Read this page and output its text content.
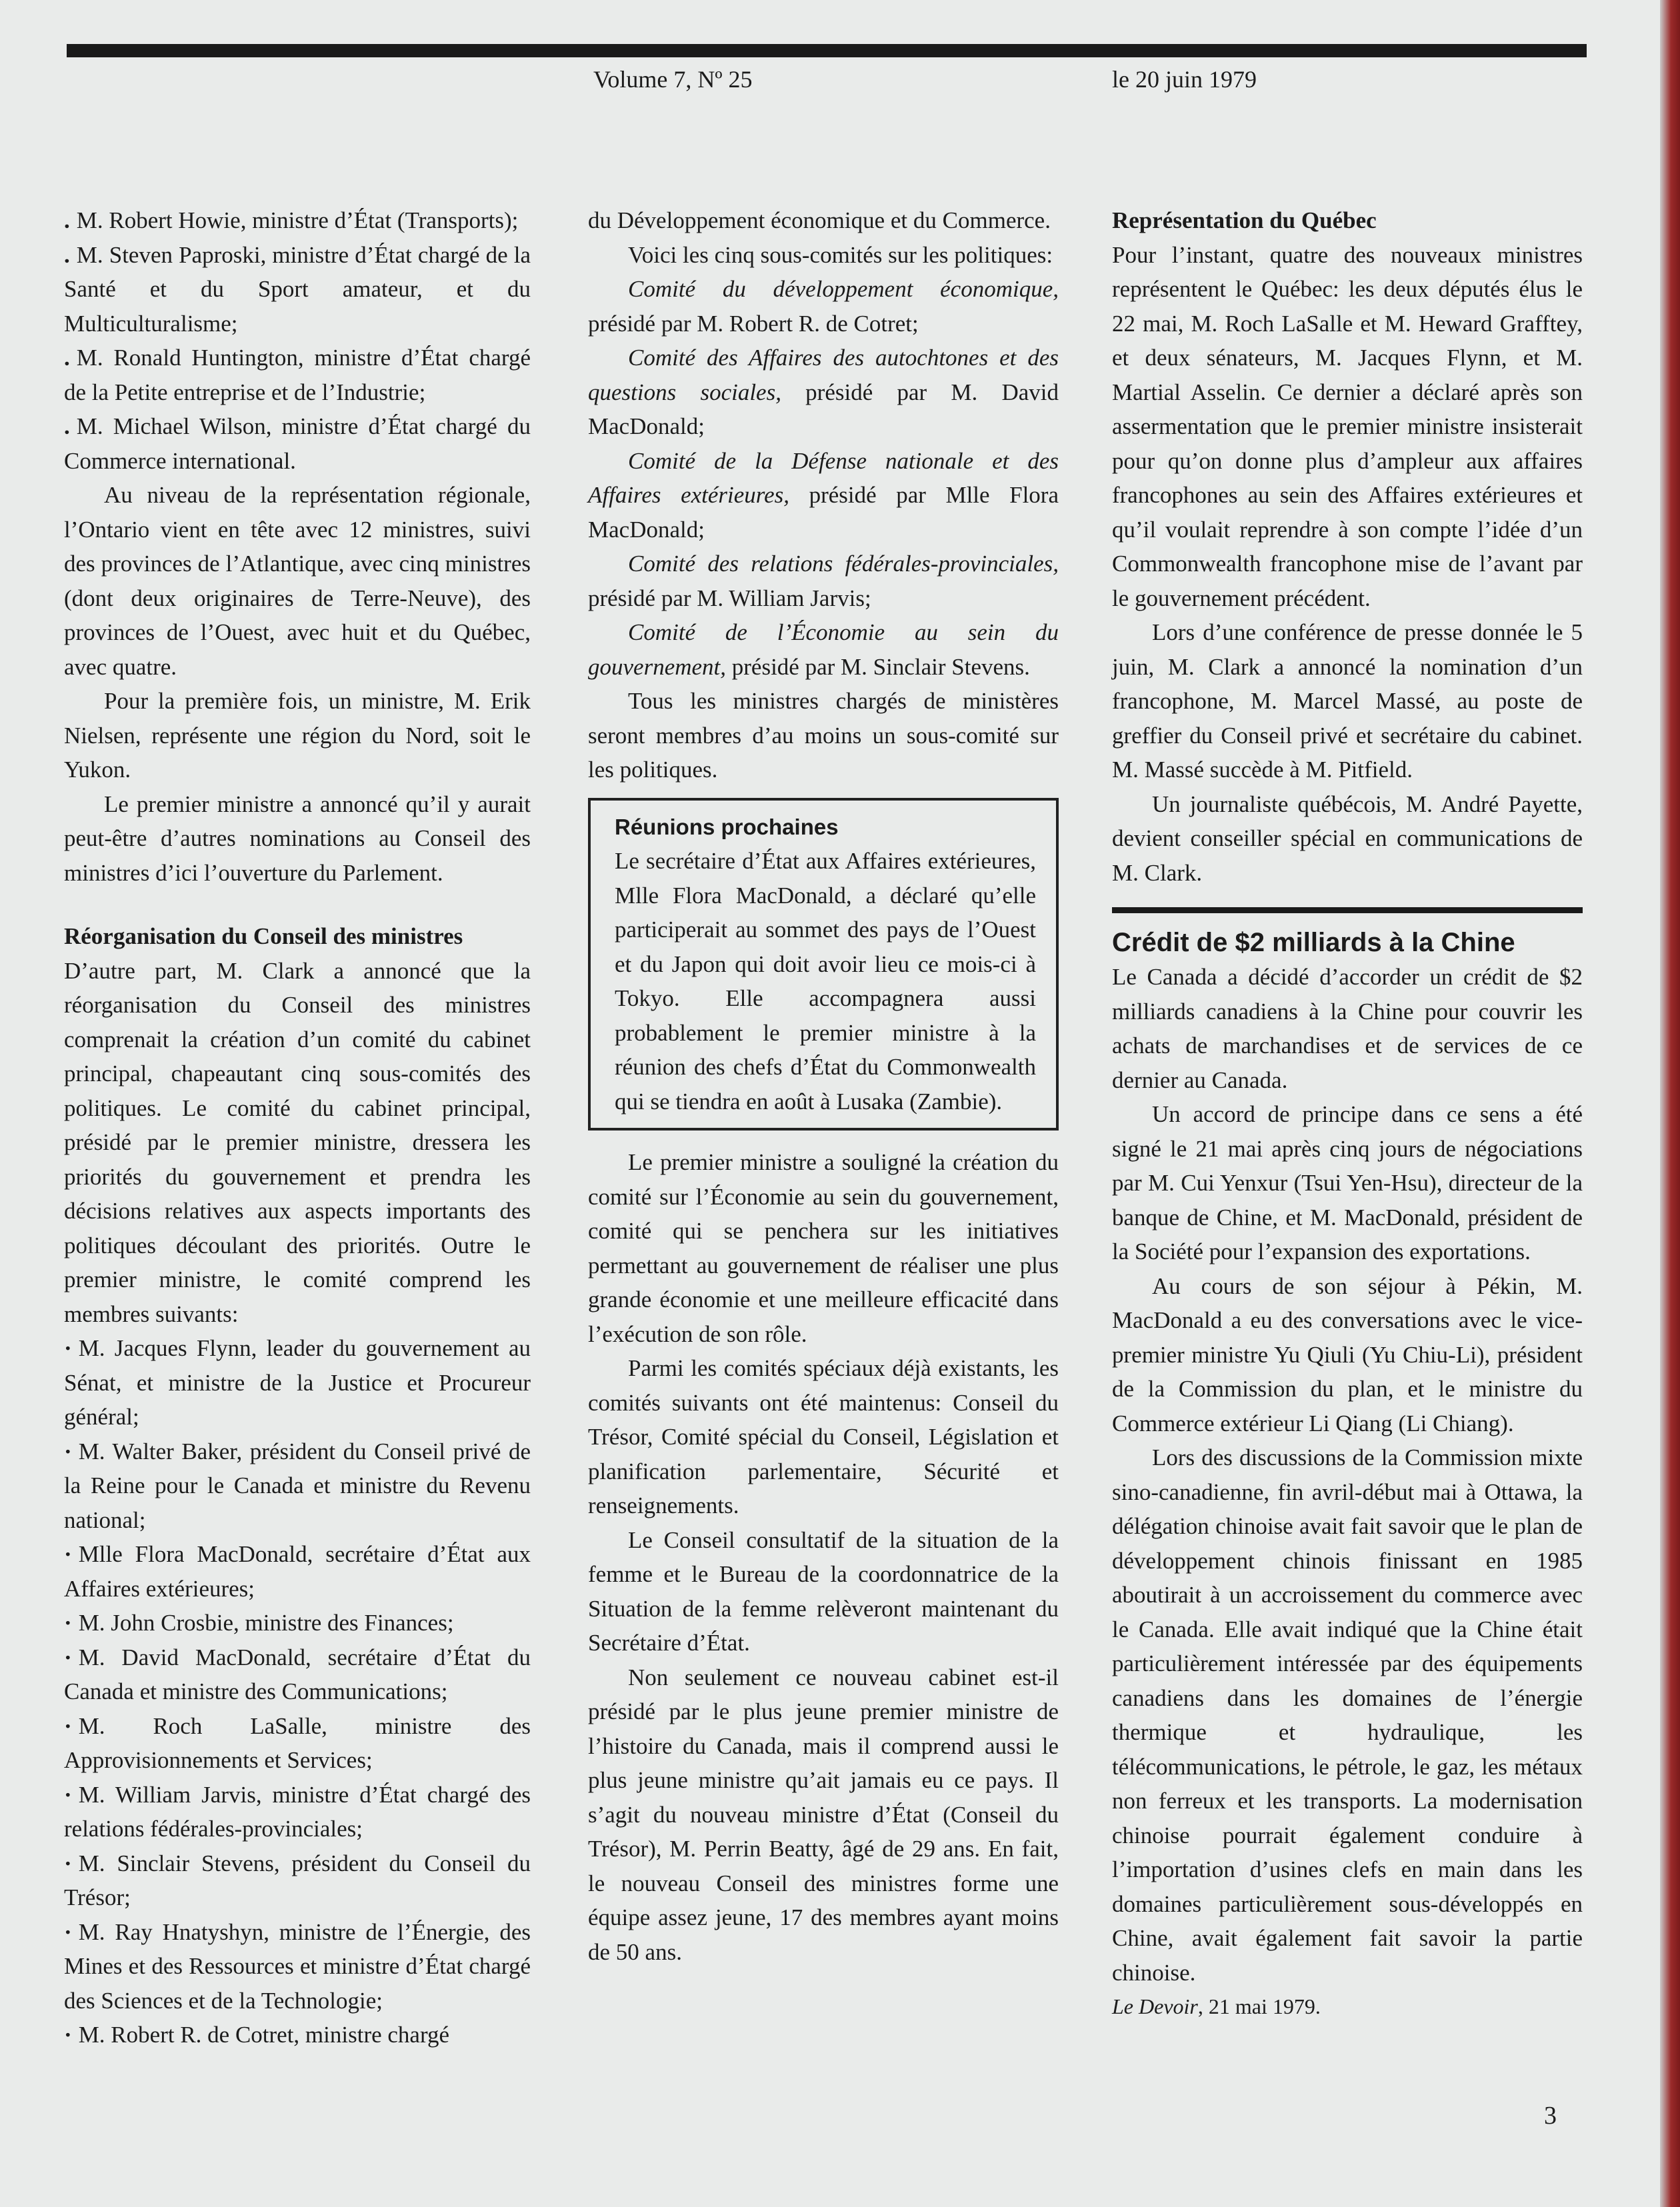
Volume 7, Nº 25	le 20 juin 1979

. M. Robert Howie, ministre d’État (Transports);

. M. Steven Paproski, ministre d’État chargé de la Santé et du Sport amateur, et du Multiculturalisme;

. M. Ronald Huntington, ministre d’État chargé de la Petite entreprise et de l’Industrie;

. M. Michael Wilson, ministre d’État chargé du Commerce international.

Au niveau de la représentation régionale, l’Ontario vient en tête avec 12 ministres, suivi des provinces de l’Atlantique, avec cinq ministres (dont deux originaires de Terre-Neuve), des provinces de l’Ouest, avec huit et du Québec, avec quatre.

Pour la première fois, un ministre, M. Erik Nielsen, représente une région du Nord, soit le Yukon.

Le premier ministre a annoncé qu’il y aurait peut-être d’autres nominations au Conseil des ministres d’ici l’ouverture du Parlement.

Réorganisation du Conseil des ministres

D’autre part, M. Clark a annoncé que la réorganisation du Conseil des ministres comprenait la création d’un comité du cabinet principal, chapeautant cinq sous-comités des politiques. Le comité du cabinet principal, présidé par le premier ministre, dressera les priorités du gouvernement et prendra les décisions relatives aux aspects importants des politiques découlant des priorités. Outre le premier ministre, le comité comprend les membres suivants:

· M. Jacques Flynn, leader du gouvernement au Sénat, et ministre de la Justice et Procureur général;

· M. Walter Baker, président du Conseil privé de la Reine pour le Canada et ministre du Revenu national;

· Mlle Flora MacDonald, secrétaire d’État aux Affaires extérieures;

· M. John Crosbie, ministre des Finances;

· M. David MacDonald, secrétaire d’État du Canada et ministre des Communications;

· M. Roch LaSalle, ministre des Approvisionnements et Services;

· M. William Jarvis, ministre d’État chargé des relations fédérales-provinciales;

· M. Sinclair Stevens, président du Conseil du Trésor;

· M. Ray Hnatyshyn, ministre de l’Énergie, des Mines et des Ressources et ministre d’État chargé des Sciences et de la Technologie;

· M. Robert R. de Cotret, ministre chargé

du Développement économique et du Commerce.

Voici les cinq sous-comités sur les politiques:

Comité du développement économique, présidé par M. Robert R. de Cotret;

Comité des Affaires des autochtones et des questions sociales, présidé par M. David MacDonald;

Comité de la Défense nationale et des Affaires extérieures, présidé par Mlle Flora MacDonald;

Comité des relations fédérales-provinciales, présidé par M. William Jarvis;

Comité de l’Économie au sein du gouvernement, présidé par M. Sinclair Stevens.

Tous les ministres chargés de ministères seront membres d’au moins un sous-comité sur les politiques.

Réunions prochaines

Le secrétaire d’État aux Affaires extérieures, Mlle Flora MacDonald, a déclaré qu’elle participerait au sommet des pays de l’Ouest et du Japon qui doit avoir lieu ce mois-ci à Tokyo. Elle accompagnera aussi probablement le premier ministre à la réunion des chefs d’État du Commonwealth qui se tiendra en août à Lusaka (Zambie).

Le premier ministre a souligné la création du comité sur l’Économie au sein du gouvernement, comité qui se penchera sur les initiatives permettant au gouvernement de réaliser une plus grande économie et une meilleure efficacité dans l’exécution de son rôle.

Parmi les comités spéciaux déjà existants, les comités suivants ont été maintenus: Conseil du Trésor, Comité spécial du Conseil, Législation et planification parlementaire, Sécurité et renseignements.

Le Conseil consultatif de la situation de la femme et le Bureau de la coordonnatrice de la Situation de la femme relèveront maintenant du Secrétaire d’État.

Non seulement ce nouveau cabinet est-il présidé par le plus jeune premier ministre de l’histoire du Canada, mais il comprend aussi le plus jeune ministre qu’ait jamais eu ce pays. Il s’agit du nouveau ministre d’État (Conseil du Trésor), M. Perrin Beatty, âgé de 29 ans. En fait, le nouveau Conseil des ministres forme une équipe assez jeune, 17 des membres ayant moins de 50 ans.

Représentation du Québec

Pour l’instant, quatre des nouveaux ministres représentent le Québec: les deux députés élus le 22 mai, M. Roch LaSalle et M. Heward Grafftey, et deux sénateurs, M. Jacques Flynn, et M. Martial Asselin. Ce dernier a déclaré après son assermentation que le premier ministre insisterait pour qu’on donne plus d’ampleur aux affaires francophones au sein des Affaires extérieures et qu’il voulait reprendre à son compte l’idée d’un Commonwealth francophone mise de l’avant par le gouvernement précédent.

Lors d’une conférence de presse donnée le 5 juin, M. Clark a annoncé la nomination d’un francophone, M. Marcel Massé, au poste de greffier du Conseil privé et secrétaire du cabinet. M. Massé succède à M. Pitfield.

Un journaliste québécois, M. André Payette, devient conseiller spécial en communications de M. Clark.

Crédit de $2 milliards à la Chine

Le Canada a décidé d’accorder un crédit de $2 milliards canadiens à la Chine pour couvrir les achats de marchandises et de services de ce dernier au Canada.

Un accord de principe dans ce sens a été signé le 21 mai après cinq jours de négociations par M. Cui Yenxur (Tsui Yen-Hsu), directeur de la banque de Chine, et M. MacDonald, président de la Société pour l’expansion des exportations.

Au cours de son séjour à Pékin, M. MacDonald a eu des conversations avec le vice-premier ministre Yu Qiuli (Yu Chiu-Li), président de la Commission du plan, et le ministre du Commerce extérieur Li Qiang (Li Chiang).

Lors des discussions de la Commission mixte sino-canadienne, fin avril-début mai à Ottawa, la délégation chinoise avait fait savoir que le plan de développement chinois finissant en 1985 aboutirait à un accroissement du commerce avec le Canada. Elle avait indiqué que la Chine était particulièrement intéressée par des équipements canadiens dans les domaines de l’énergie thermique et hydraulique, les télécommunications, le pétrole, le gaz, les métaux non ferreux et les transports. La modernisation chinoise pourrait également conduire à l’importation d’usines clefs en main dans les domaines particulièrement sous-développés en Chine, avait également fait savoir la partie chinoise.

Le Devoir, 21 mai 1979.

3
